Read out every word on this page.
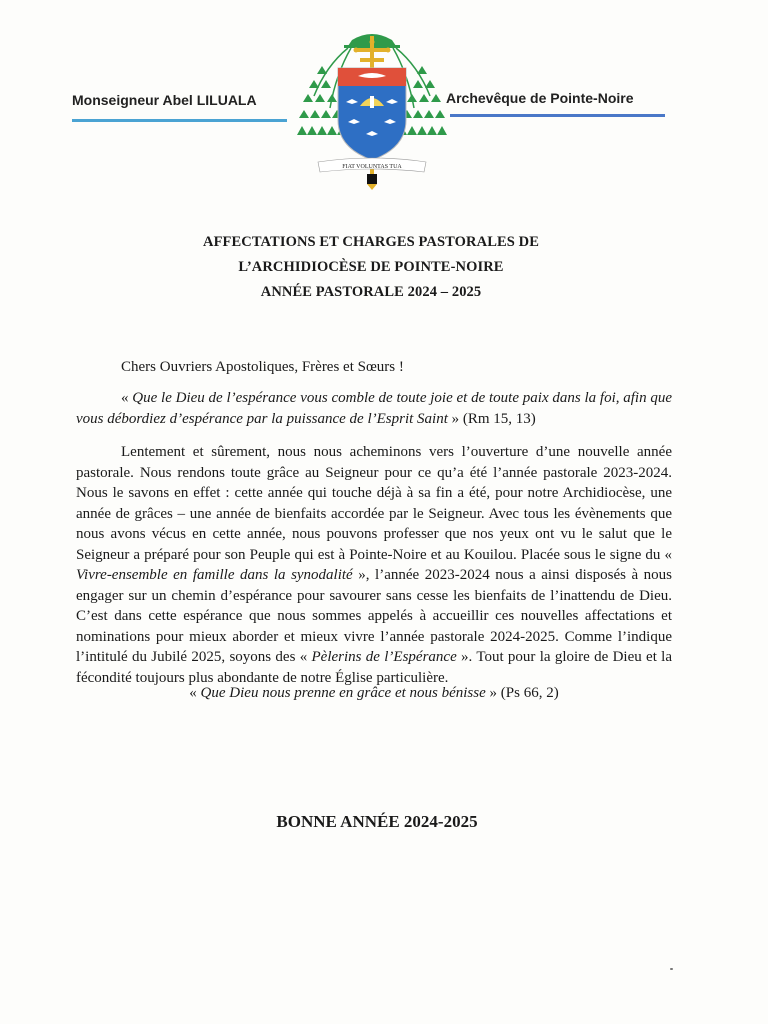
Monseigneur Abel LILUALA	Archevêque de Pointe-Noire
FIAT VOLUNTAS TUA
AFFECTATIONS ET CHARGES PASTORALES DE
L’ARCHIDIOCÈSE DE POINTE-NOIRE
ANNÉE PASTORALE 2024 – 2025
Chers Ouvriers Apostoliques, Frères et Sœurs !
« Que le Dieu de l’espérance vous comble de toute joie et de toute paix dans la foi, afin que vous débordiez d’espérance par la puissance de l’Esprit Saint » (Rm 15, 13)
Lentement et sûrement, nous nous acheminons vers l’ouverture d’une nouvelle année pastorale. Nous rendons toute grâce au Seigneur pour ce qu’a été l’année pastorale 2023-2024. Nous le savons en effet : cette année qui touche déjà à sa fin a été, pour notre Archidiocèse, une année de grâces – une année de bienfaits accordée par le Seigneur. Avec tous les évènements que nous avons vécus en cette année, nous pouvons professer que nos yeux ont vu le salut que le Seigneur a préparé pour son Peuple qui est à Pointe-Noire et au Kouilou. Placée sous le signe du « Vivre-ensemble en famille dans la synodalité », l’année 2023-2024 nous a ainsi disposés à nous engager sur un chemin d’espérance pour savourer sans cesse les bienfaits de l’inattendu de Dieu. C’est dans cette espérance que nous sommes appelés à accueillir ces nouvelles affectations et nominations pour mieux aborder et mieux vivre l’année pastorale 2024-2025. Comme l’indique l’intitulé du Jubilé 2025, soyons des « Pèlerins de l’Espérance ». Tout pour la gloire de Dieu et la fécondité toujours plus abondante de notre Église particulière.
« Que Dieu nous prenne en grâce et nous bénisse » (Ps 66, 2)
BONNE ANNÉE 2024-2025
